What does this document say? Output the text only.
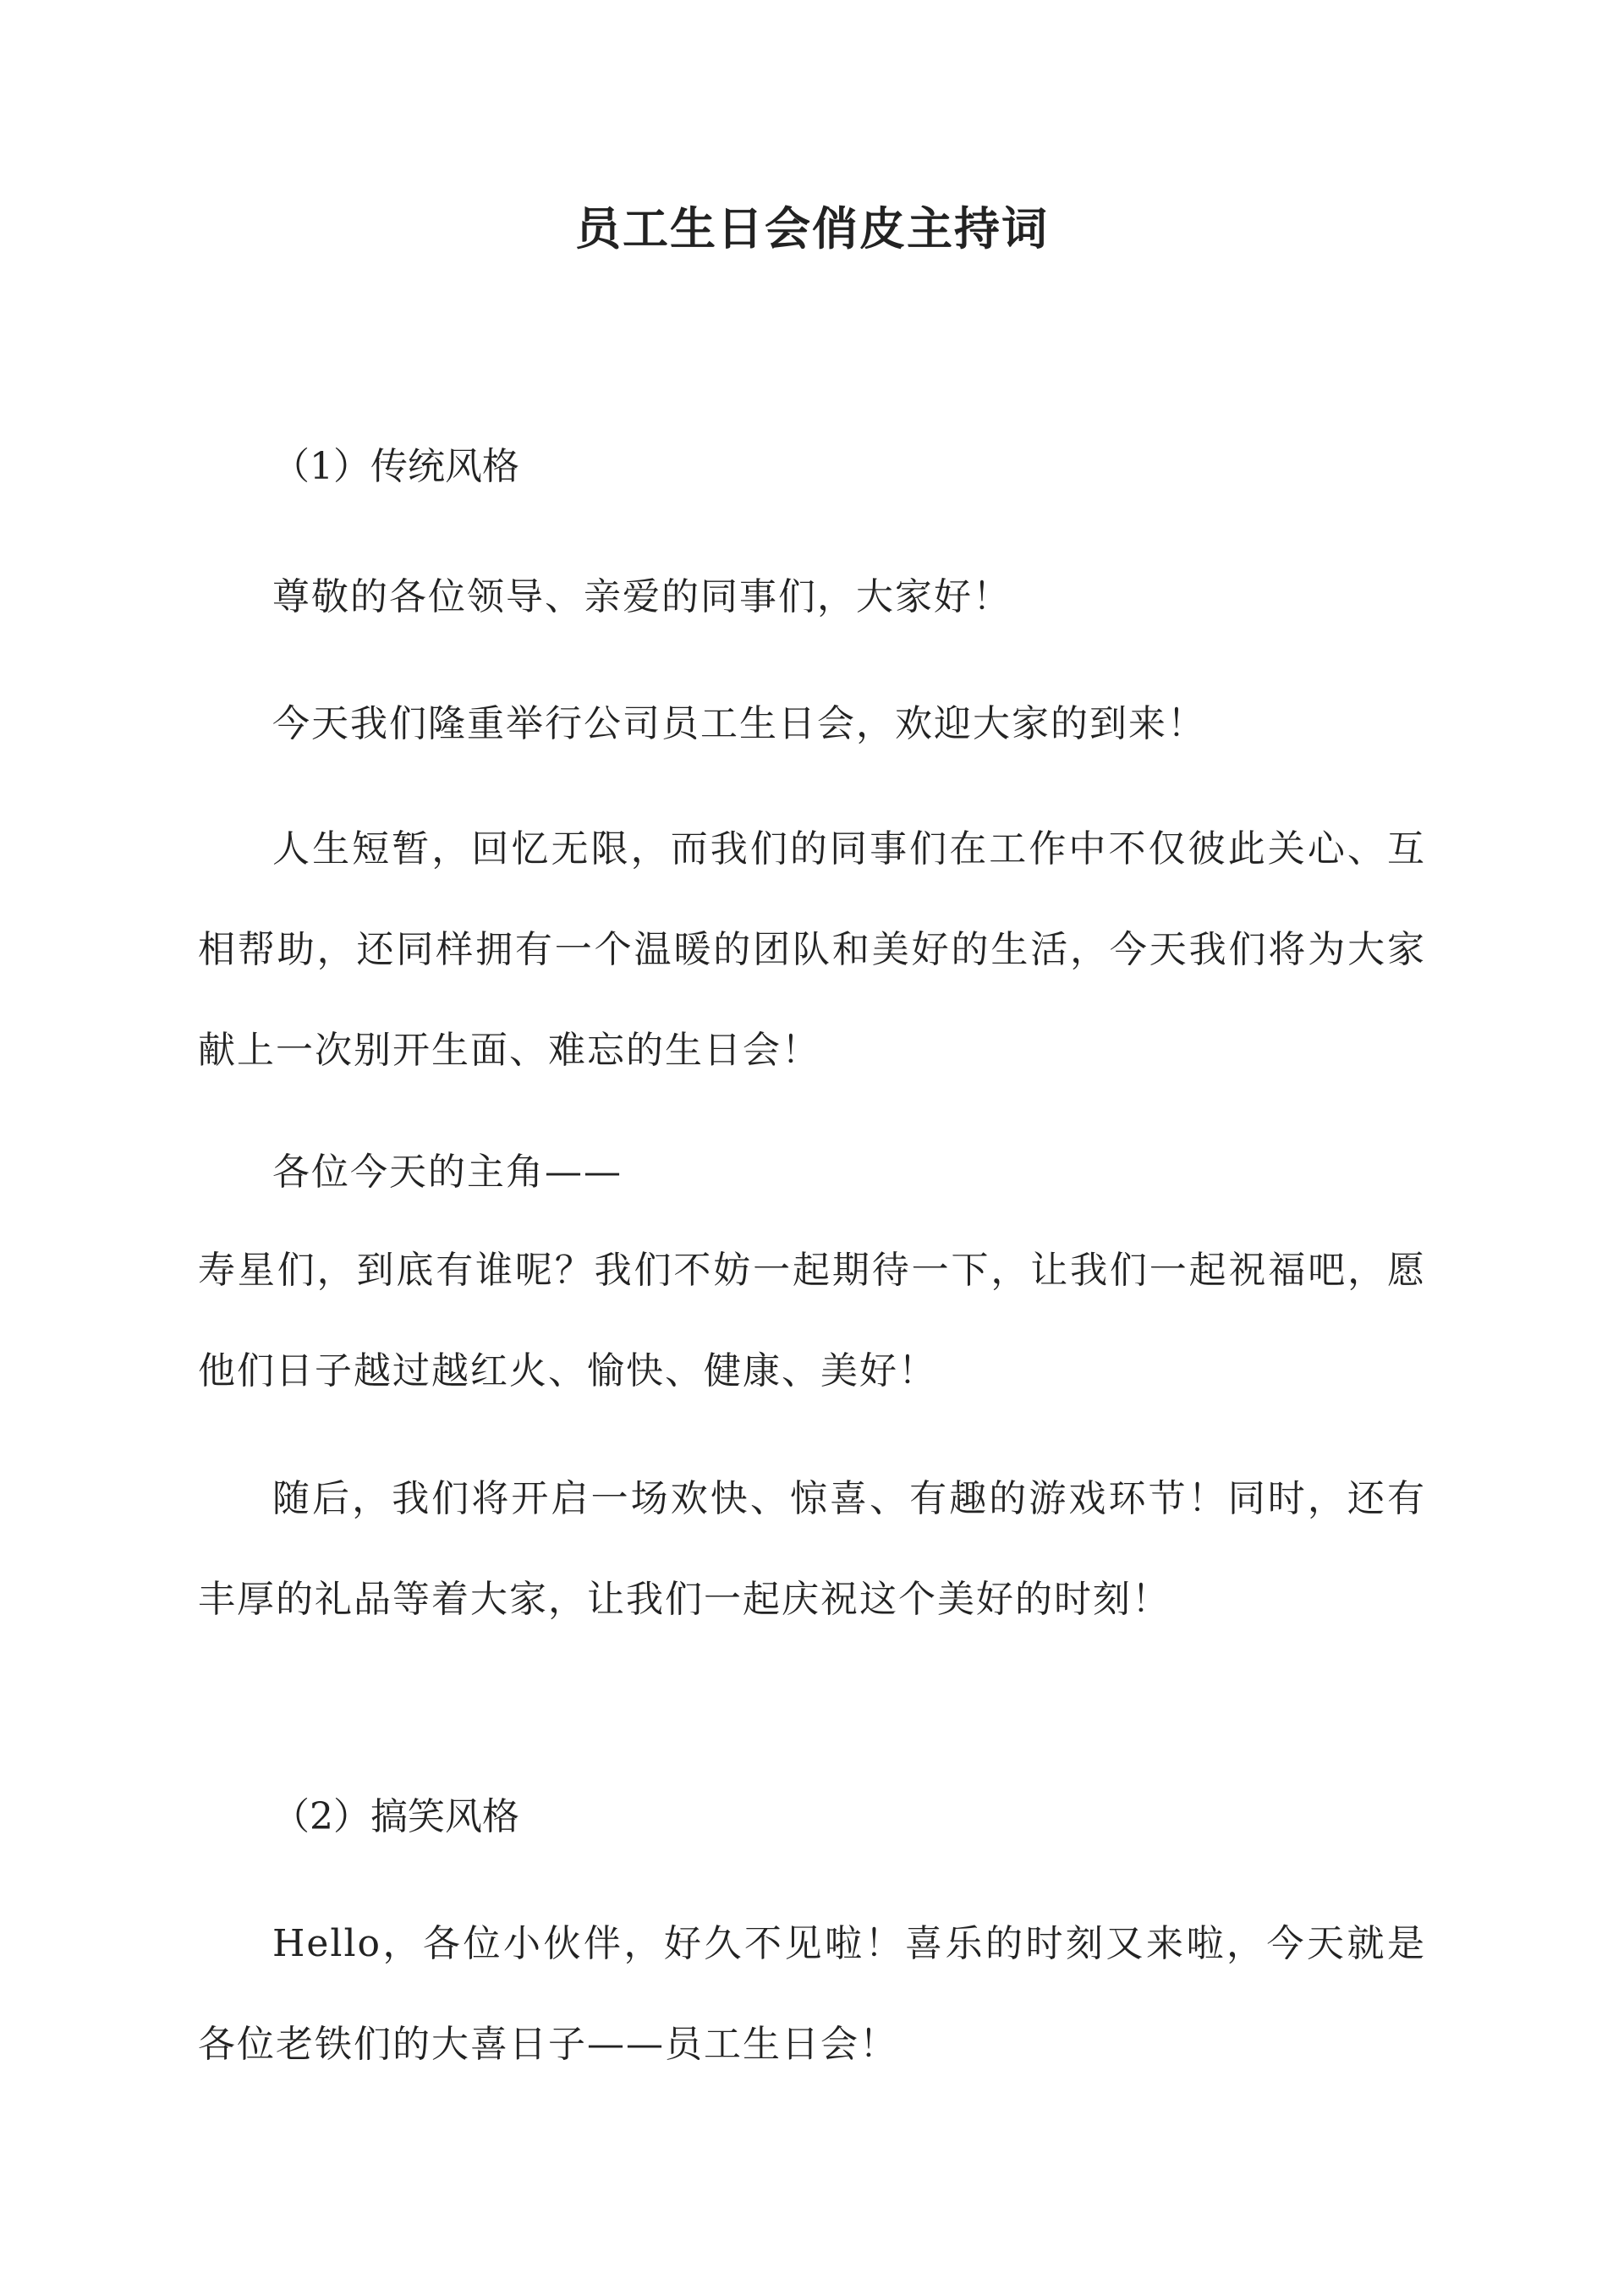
员工生日会俏皮主持词
（1）传统风格

尊敬的各位领导、亲爱的同事们，大家好！

今天我们隆重举行公司员工生日会，欢迎大家的到来！

人生短暂，回忆无限，而我们的同事们在工作中不仅彼此关心、互相帮助，还同样拥有一个温暖的团队和美好的生活，今天我们将为大家献上一次别开生面、难忘的生日会！

各位今天的主角——

寿星们，到底有谁呢？我们不妨一起期待一下，让我们一起祝福吧，愿他们日子越过越红火、愉快、健康、美好！

随后，我们将开启一场欢快、惊喜、有趣的游戏环节！同时，还有丰厚的礼品等着大家，让我们一起庆祝这个美好的时刻！

（2）搞笑风格

Hello，各位小伙伴，好久不见啦！喜乐的时刻又来啦，今天就是各位老铁们的大喜日子——员工生日会！
